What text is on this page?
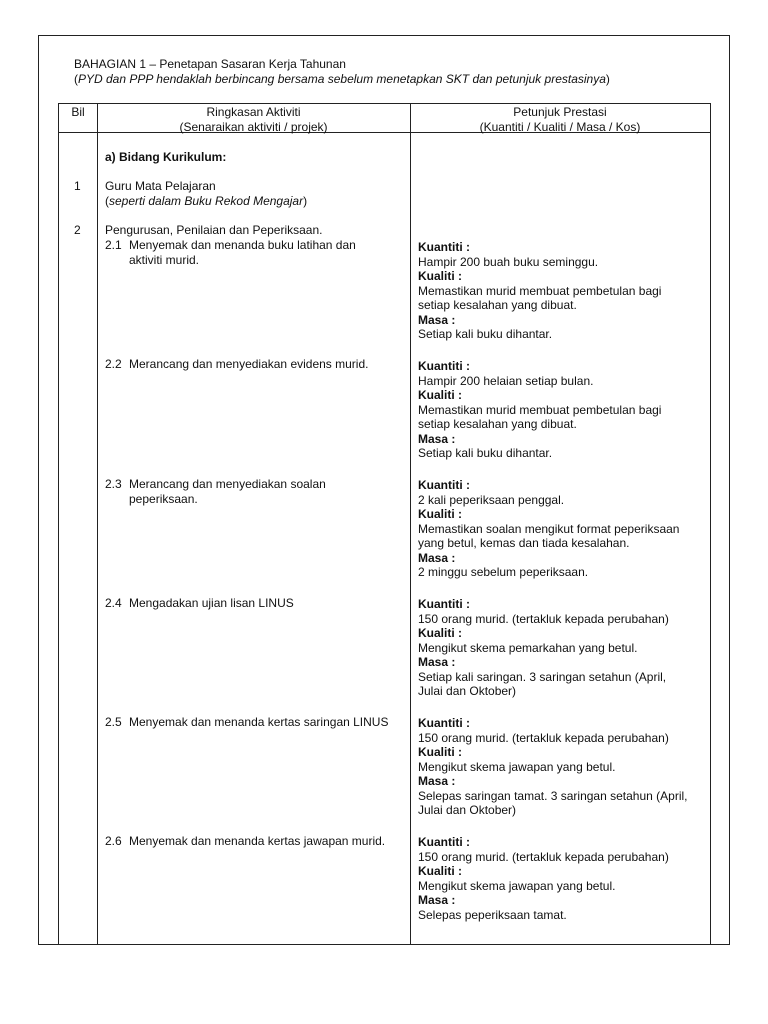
BAHAGIAN 1 – Penetapan Sasaran Kerja Tahunan
(PYD dan PPP hendaklah berbincang bersama sebelum menetapkan SKT dan petunjuk prestasinya)
Bil	Ringkasan Aktiviti
(Senaraikan aktiviti / projek)
Petunjuk Prestasi
(Kuantiti / Kualiti / Masa / Kos)
a) Bidang Kurikulum:
1 Guru Mata Pelajaran
(seperti dalam Buku Rekod Mengajar)
2 Pengurusan, Penilaian dan Peperiksaan.
2.1 Menyemak dan menanda buku latihan dan
aktiviti murid.
2.2 Merancang dan menyediakan evidens murid.
2.3 Merancang dan menyediakan soalan
peperiksaan.
2.4 Mengadakan ujian lisan LINUS
2.5 Menyemak dan menanda kertas saringan LINUS
2.6 Menyemak dan menanda kertas jawapan murid.
Kuantiti :
Hampir 200 buah buku seminggu.
Kualiti :
Memastikan murid membuat pembetulan bagi
setiap kesalahan yang dibuat.
Masa :
Setiap kali buku dihantar.
Kuantiti :
Hampir 200 helaian setiap bulan.
Kualiti :
Memastikan murid membuat pembetulan bagi
setiap kesalahan yang dibuat.
Masa :
Setiap kali buku dihantar.
Kuantiti :
2 kali peperiksaan penggal.
Kualiti :
Memastikan soalan mengikut format peperiksaan
yang betul, kemas dan tiada kesalahan.
Masa :
2 minggu sebelum peperiksaan.
Kuantiti :
150 orang murid. (tertakluk kepada perubahan)
Kualiti :
Mengikut skema pemarkahan yang betul.
Masa :
Setiap kali saringan. 3 saringan setahun (April,
Julai dan Oktober)
Kuantiti :
150 orang murid. (tertakluk kepada perubahan)
Kualiti :
Mengikut skema jawapan yang betul.
Masa :
Selepas saringan tamat. 3 saringan setahun (April,
Julai dan Oktober)
Kuantiti :
150 orang murid. (tertakluk kepada perubahan)
Kualiti :
Mengikut skema jawapan yang betul.
Masa :
Selepas peperiksaan tamat.
